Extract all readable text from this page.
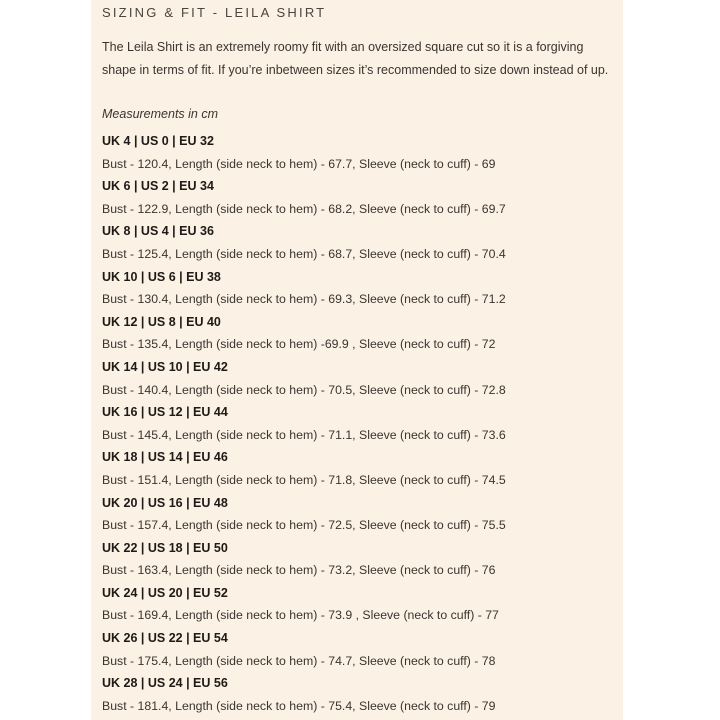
SIZING & FIT - LEILA SHIRT
The Leila Shirt is an extremely roomy fit with an oversized square cut so it is a forgiving shape in terms of fit. If you’re inbetween sizes it’s recommended to size down instead of up.
Measurements in cm
UK 4 | US 0 | EU 32
Bust - 120.4, Length (side neck to hem) - 67.7, Sleeve (neck to cuff) - 69
UK 6 | US 2 | EU 34
Bust - 122.9, Length (side neck to hem) - 68.2, Sleeve (neck to cuff) - 69.7
UK 8 | US 4 | EU 36
Bust - 125.4, Length (side neck to hem) - 68.7, Sleeve (neck to cuff) - 70.4
UK 10 | US 6 | EU 38
Bust - 130.4, Length (side neck to hem) - 69.3, Sleeve (neck to cuff) - 71.2
UK 12 | US 8 | EU 40
Bust - 135.4, Length (side neck to hem) -69.9 , Sleeve (neck to cuff) - 72
UK 14 | US 10 | EU 42
Bust - 140.4, Length (side neck to hem) - 70.5, Sleeve (neck to cuff) - 72.8
UK 16 | US 12 | EU 44
Bust - 145.4, Length (side neck to hem) - 71.1, Sleeve (neck to cuff) - 73.6
UK 18 | US 14 | EU 46
Bust - 151.4, Length (side neck to hem) - 71.8, Sleeve (neck to cuff) - 74.5
UK 20 | US 16 | EU 48
Bust - 157.4, Length (side neck to hem) - 72.5, Sleeve (neck to cuff) - 75.5
UK 22 | US 18 | EU 50
Bust - 163.4, Length (side neck to hem) - 73.2, Sleeve (neck to cuff) - 76
UK 24 | US 20 | EU 52
Bust - 169.4, Length (side neck to hem) - 73.9 , Sleeve (neck to cuff) - 77
UK 26 | US 22 | EU 54
Bust - 175.4, Length (side neck to hem) - 74.7, Sleeve (neck to cuff) - 78
UK 28 | US 24 | EU 56
Bust - 181.4, Length (side neck to hem) - 75.4, Sleeve (neck to cuff) - 79
